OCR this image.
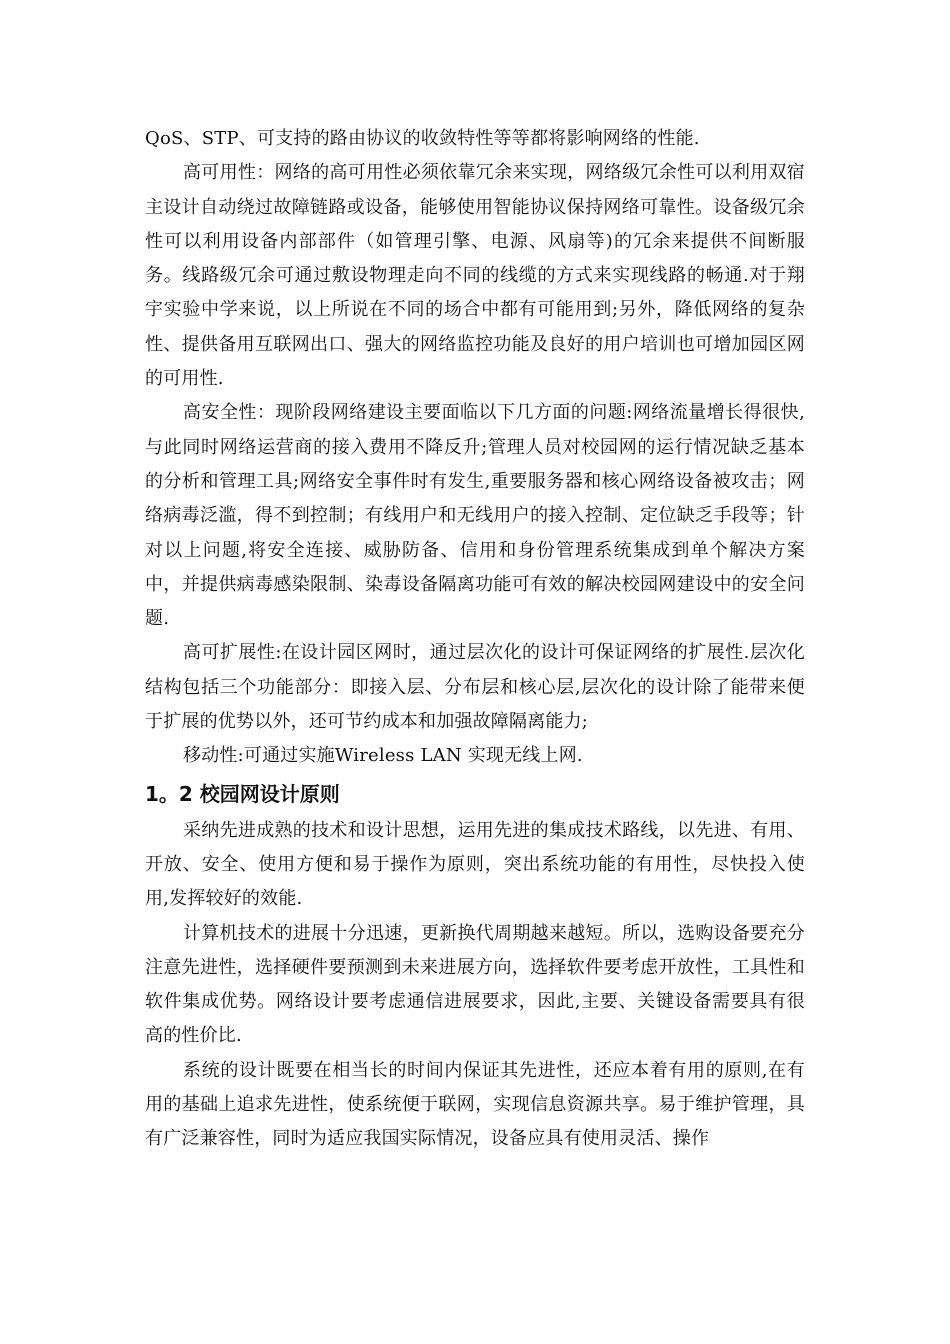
QoS、STP、可支持的路由协议的收敛特性等等都将影响网络的性能.

高可用性：网络的高可用性必须依靠冗余来实现，网络级冗余性可以利用双宿主设计自动绕过故障链路或设备，能够使用智能协议保持网络可靠性。设备级冗余性可以利用设备内部部件（如管理引擎、电源、风扇等)的冗余来提供不间断服务。线路级冗余可通过敷设物理走向不同的线缆的方式来实现线路的畅通.对于翔宇实验中学来说，以上所说在不同的场合中都有可能用到;另外，降低网络的复杂性、提供备用互联网出口、强大的网络监控功能及良好的用户培训也可增加园区网的可用性.

高安全性：现阶段网络建设主要面临以下几方面的问题:网络流量增长得很快,与此同时网络运营商的接入费用不降反升;管理人员对校园网的运行情况缺乏基本的分析和管理工具;网络安全事件时有发生,重要服务器和核心网络设备被攻击；网络病毒泛滥，得不到控制；有线用户和无线用户的接入控制、定位缺乏手段等；针对以上问题,将安全连接、威胁防备、信用和身份管理系统集成到单个解决方案中，并提供病毒感染限制、染毒设备隔离功能可有效的解决校园网建设中的安全问题.

高可扩展性:在设计园区网时，通过层次化的设计可保证网络的扩展性.层次化结构包括三个功能部分：即接入层、分布层和核心层,层次化的设计除了能带来便于扩展的优势以外，还可节约成本和加强故障隔离能力;

移动性:可通过实施Wireless LAN 实现无线上网.

1。2 校园网设计原则

采纳先进成熟的技术和设计思想，运用先进的集成技术路线，以先进、有用、开放、安全、使用方便和易于操作为原则，突出系统功能的有用性，尽快投入使用,发挥较好的效能.

计算机技术的进展十分迅速，更新换代周期越来越短。所以，选购设备要充分注意先进性，选择硬件要预测到未来进展方向，选择软件要考虑开放性，工具性和软件集成优势。网络设计要考虑通信进展要求，因此,主要、关键设备需要具有很高的性价比.

系统的设计既要在相当长的时间内保证其先进性，还应本着有用的原则,在有用的基础上追求先进性，使系统便于联网，实现信息资源共享。易于维护管理，具有广泛兼容性，同时为适应我国实际情况，设备应具有使用灵活、操作
